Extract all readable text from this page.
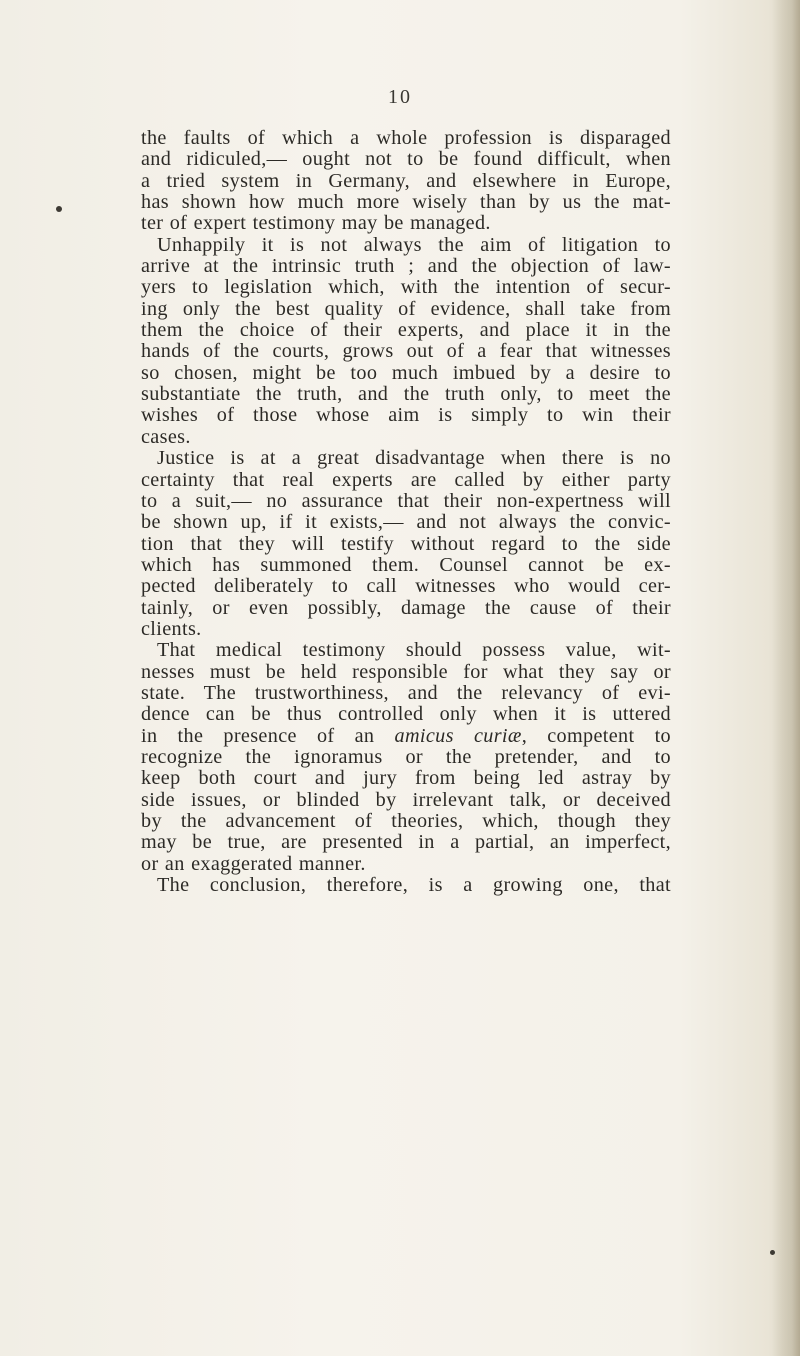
10
the faults of which a whole profession is disparaged
and ridiculed,— ought not to be found difficult, when
a tried system in Germany, and elsewhere in Europe,
has shown how much more wisely than by us the mat-
ter of expert testimony may be managed.
Unhappily it is not always the aim of litigation to
arrive at the intrinsic truth ; and the objection of law-
yers to legislation which, with the intention of secur-
ing only the best quality of evidence, shall take from
them the choice of their experts, and place it in the
hands of the courts, grows out of a fear that witnesses
so chosen, might be too much imbued by a desire to
substantiate the truth, and the truth only, to meet the
wishes of those whose aim is simply to win their
cases.
Justice is at a great disadvantage when there is no
certainty that real experts are called by either party
to a suit,— no assurance that their non-expertness will
be shown up, if it exists,— and not always the convic-
tion that they will testify without regard to the side
which has summoned them. Counsel cannot be ex-
pected deliberately to call witnesses who would cer-
tainly, or even possibly, damage the cause of their
clients.
That medical testimony should possess value, wit-
nesses must be held responsible for what they say or
state. The trustworthiness, and the relevancy of evi-
dence can be thus controlled only when it is uttered
in the presence of an amicus curiæ, competent to
recognize the ignoramus or the pretender, and to
keep both court and jury from being led astray by
side issues, or blinded by irrelevant talk, or deceived
by the advancement of theories, which, though they
may be true, are presented in a partial, an imperfect,
or an exaggerated manner.
The conclusion, therefore, is a growing one, that
